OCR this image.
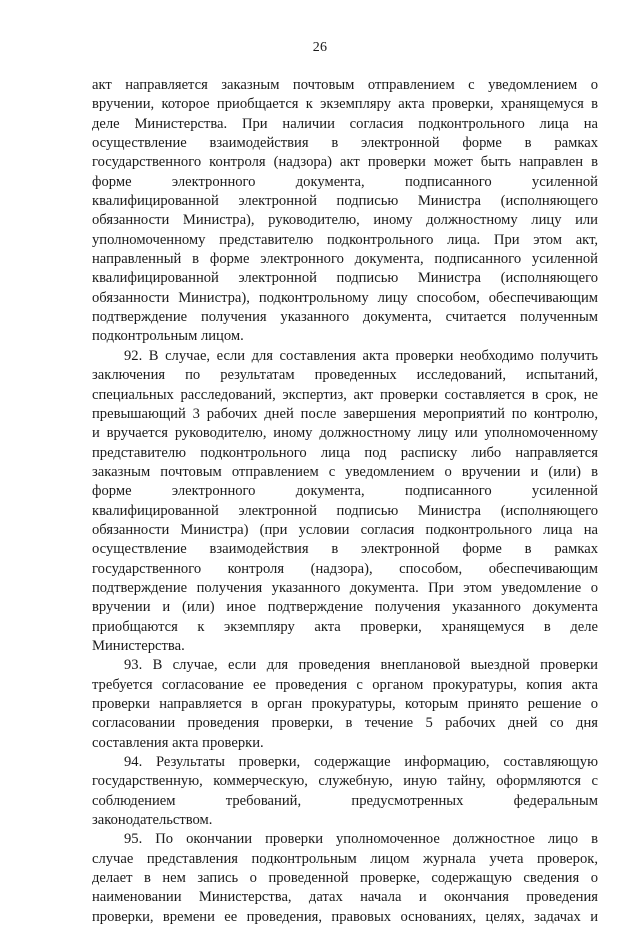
26
акт направляется заказным почтовым отправлением с уведомлением о
вручении, которое приобщается к экземпляру акта проверки, хранящемуся в
деле Министерства. При наличии согласия подконтрольного лица на
осуществление взаимодействия в электронной форме в рамках
государственного контроля (надзора) акт проверки может быть направлен в
форме электронного документа, подписанного усиленной
квалифицированной электронной подписью Министра (исполняющего
обязанности Министра), руководителю, иному должностному лицу или
уполномоченному представителю подконтрольного лица. При этом акт,
направленный в форме электронного документа, подписанного усиленной
квалифицированной электронной подписью Министра (исполняющего
обязанности Министра), подконтрольному лицу способом, обеспечивающим
подтверждение получения указанного документа, считается полученным
подконтрольным лицом.
92. В случае, если для составления акта проверки необходимо получить
заключения по результатам проведенных исследований, испытаний,
специальных расследований, экспертиз, акт проверки составляется в срок, не
превышающий 3 рабочих дней после завершения мероприятий по контролю,
и вручается руководителю, иному должностному лицу или уполномоченному
представителю подконтрольного лица под расписку либо направляется
заказным почтовым отправлением с уведомлением о вручении и (или) в
форме электронного документа, подписанного усиленной
квалифицированной электронной подписью Министра (исполняющего
обязанности Министра) (при условии согласия подконтрольного лица на
осуществление взаимодействия в электронной форме в рамках
государственного контроля (надзора), способом, обеспечивающим
подтверждение получения указанного документа. При этом уведомление о
вручении и (или) иное подтверждение получения указанного документа
приобщаются к экземпляру акта проверки, хранящемуся в деле
Министерства.
93. В случае, если для проведения внеплановой выездной проверки
требуется согласование ее проведения с органом прокуратуры, копия акта
проверки направляется в орган прокуратуры, которым принято решение о
согласовании проведения проверки, в течение 5 рабочих дней со дня
составления акта проверки.
94. Результаты проверки, содержащие информацию, составляющую
государственную, коммерческую, служебную, иную тайну, оформляются с
соблюдением требований, предусмотренных федеральным
законодательством.
95. По окончании проверки уполномоченное должностное лицо в
случае представления подконтрольным лицом журнала учета проверок,
делает в нем запись о проведенной проверке, содержащую сведения о
наименовании Министерства, датах начала и окончания проведения
проверки, времени ее проведения, правовых основаниях, целях, задачах и
